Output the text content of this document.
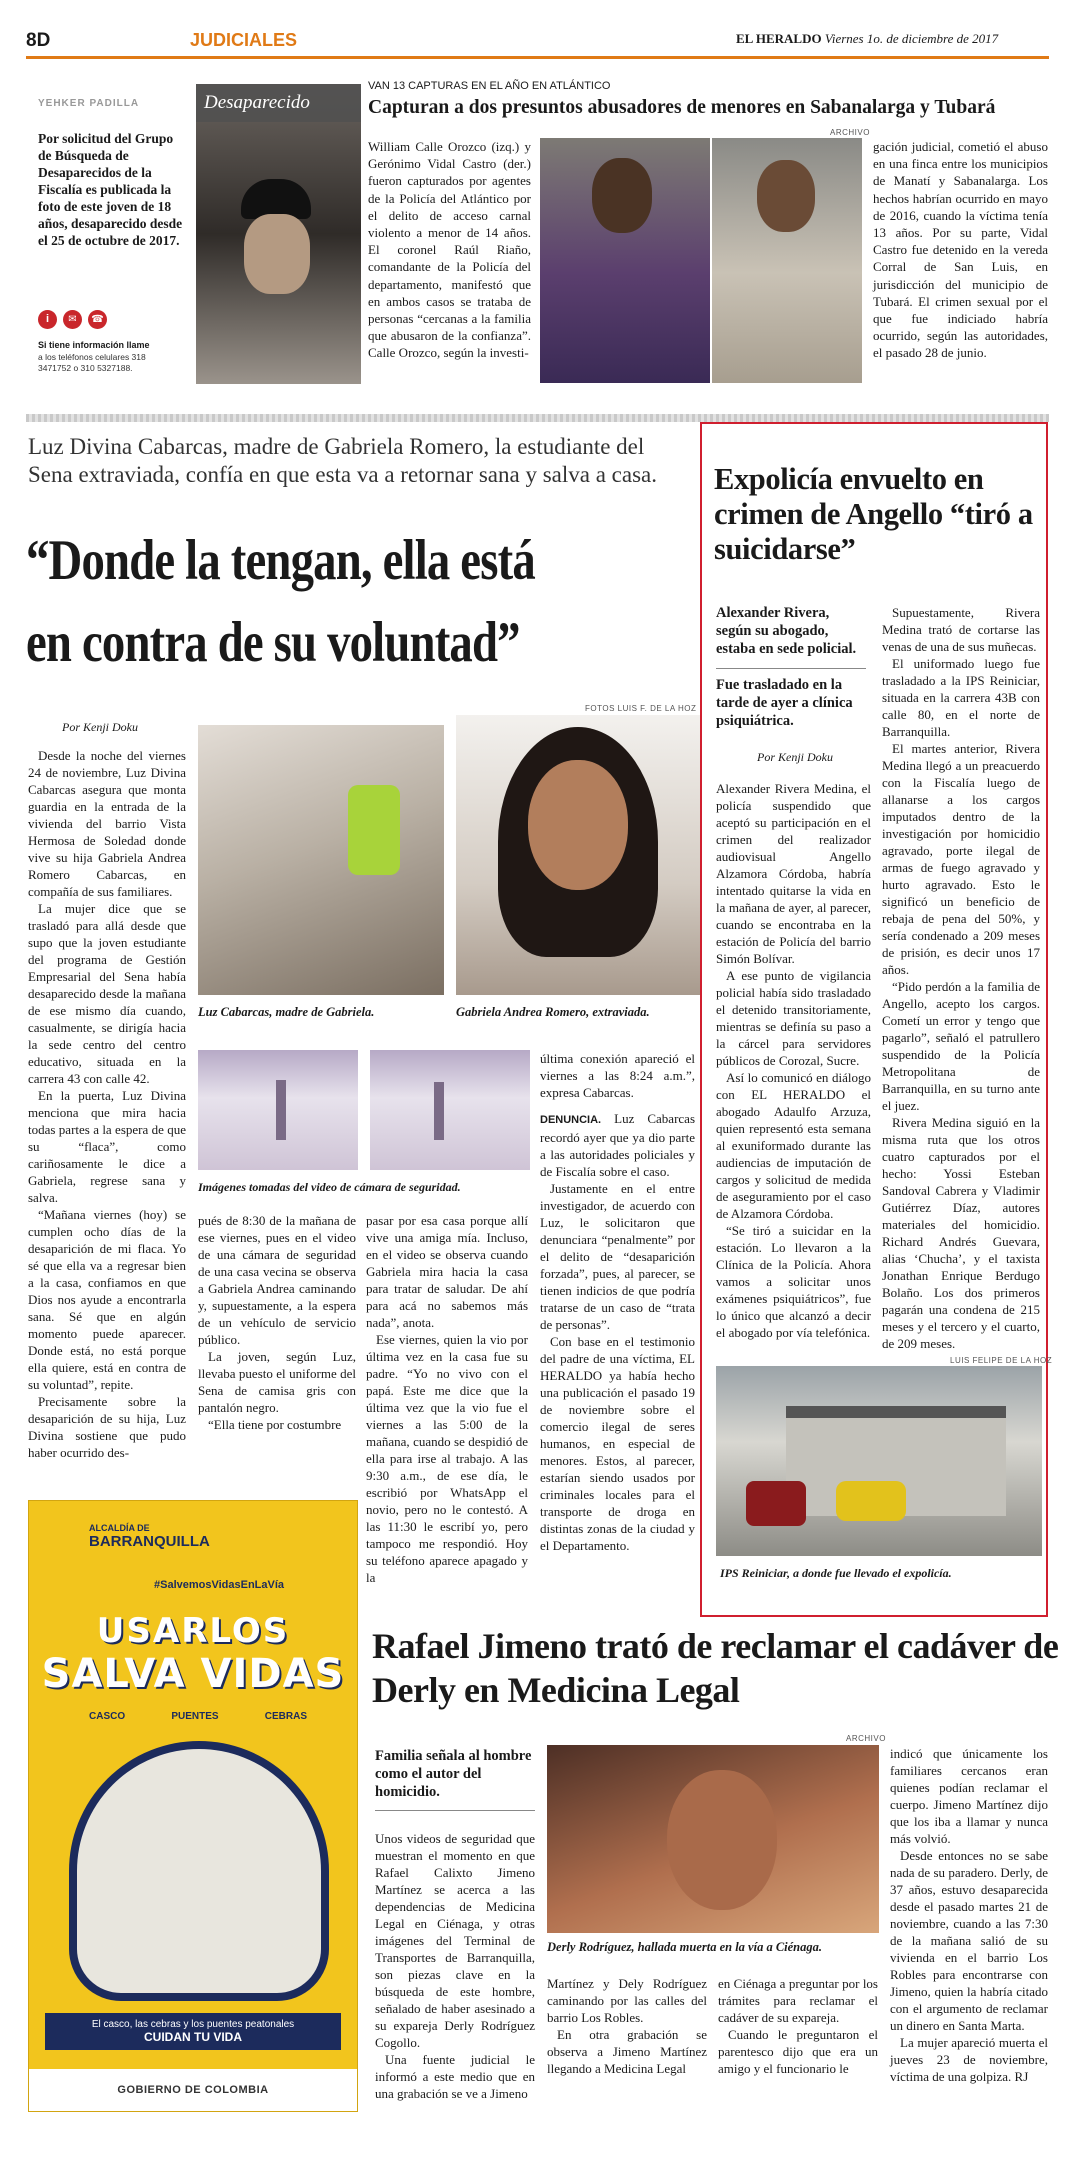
8D	JUDICIALES	EL HERALDO Viernes 1o. de diciembre de 2017
YEHKER PADILLA
Por solicitud del Grupo de Búsqueda de Desaparecidos de la Fiscalía es publicada la foto de este joven de 18 años, desaparecido desde el 25 de octubre de 2017.
i	✉	☎
Si tiene información llame
a los teléfonos celulares 318 3471752 o 310 5327188.
Desaparecido
VAN 13 CAPTURAS EN EL AÑO EN ATLÁNTICO
Capturan a dos presuntos abusadores de menores en Sabanalarga y Tubará
ARCHIVO
William Calle Orozco (izq.) y Gerónimo Vidal Castro (der.) fueron capturados por agentes de la Policía del Atlántico por el delito de acceso carnal violento a menor de 14 años. El coronel Raúl Riaño, comandante de la Policía del departamento, manifestó que en ambos casos se trataba de personas “cercanas a la familia que abusaron de la confianza”. Calle Orozco, según la investi-
gación judicial, cometió el abuso en una finca entre los municipios de Manatí y Sabanalarga. Los hechos habrían ocurrido en mayo de 2016, cuando la víctima tenía 13 años. Por su parte, Vidal Castro fue detenido en la vereda Corral de San Luis, en jurisdicción del municipio de Tubará. El crimen sexual por el que fue indiciado habría ocurrido, según las autoridades, el pasado 28 de junio.
Luz Divina Cabarcas, madre de Gabriela Romero, la estudiante del Sena extraviada, confía en que esta va a retornar sana y salva a casa.
“Donde la tengan, ella está
en contra de su voluntad”
Por Kenji Doku
FOTOS LUIS F. DE LA HOZ

Desde la noche del viernes 24 de noviembre, Luz Divina Cabarcas asegura que monta guardia en la entrada de la vivienda del barrio Vista Hermosa de Soledad donde vive su hija Gabriela Andrea Romero Cabarcas, en compañía de sus familiares.

La mujer dice que se trasladó para allá desde que supo que la joven estudiante del programa de Gestión Empresarial del Sena había desaparecido desde la mañana de ese mismo día cuando, casualmente, se dirigía hacia la sede centro del centro educativo, situada en la carrera 43 con calle 42.

En la puerta, Luz Divina menciona que mira hacia todas partes a la espera de que su “flaca”, como cariñosamente le dice a Gabriela, regrese sana y salva.

“Mañana viernes (hoy) se cumplen ocho días de la desaparición de mi flaca. Yo sé que ella va a regresar bien a la casa, confiamos en que Dios nos ayude a encontrarla sana. Sé que en algún momento puede aparecer. Donde está, no está porque ella quiere, está en contra de su voluntad”, repite.

Precisamente sobre la desaparición de su hija, Luz Divina sostiene que pudo haber ocurrido des-

Luz Cabarcas, madre de Gabriela.	Gabriela Andrea Romero, extraviada.
Imágenes tomadas del video de cámara de seguridad.
última conexión apareció el viernes a las 8:24 a.m.”, expresa Cabarcas.

DENUNCIA. Luz Cabarcas recordó ayer que ya dio parte a las autoridades policiales y de Fiscalía sobre el caso.

Justamente en el entre investigador, de acuerdo con Luz, le solicitaron que denunciara “penalmente” por el delito de “desaparición forzada”, pues, al parecer, se tienen indicios de que podría tratarse de un caso de “trata de personas”.

Con base en el testimonio del padre de una víctima, EL HERALDO ya había hecho una publicación el pasado 19 de noviembre sobre el comercio ilegal de seres humanos, en especial de menores. Estos, al parecer, estarían siendo usados por criminales locales para el transporte de droga en distintas zonas de la ciudad y el Departamento.

pués de 8:30 de la mañana de ese viernes, pues en el video de una cámara de seguridad de una casa vecina se observa a Gabriela Andrea caminando y, supuestamente, a la espera de un vehículo de servicio público.

La joven, según Luz, llevaba puesto el uniforme del Sena de camisa gris con pantalón negro.

“Ella tiene por costumbre

pasar por esa casa porque allí vive una amiga mía. Incluso, en el video se observa cuando Gabriela mira hacia la casa para tratar de saludar. De ahí para acá no sabemos más nada”, anota.

Ese viernes, quien la vio por última vez en la casa fue su padre. “Yo no vivo con el papá. Este me dice que la última vez que la vio fue el viernes a las 5:00 de la mañana, cuando se despidió de ella para irse al trabajo. A las 9:30 a.m., de ese día, le escribió por WhatsApp el novio, pero no le contestó. A las 11:30 le escribí yo, pero tampoco me respondió. Hoy su teléfono aparece apagado y la

Expolicía envuelto en crimen de Angello “tiró a suicidarse”
Alexander Rivera, según su abogado, estaba en sede policial.
Fue trasladado en la tarde de ayer a clínica psiquiátrica.
Por Kenji Doku

Alexander Rivera Medina, el policía suspendido que aceptó su participación en el crimen del realizador audiovisual Angello Alzamora Córdoba, habría intentado quitarse la vida en la mañana de ayer, al parecer, cuando se encontraba en la estación de Policía del barrio Simón Bolívar.

A ese punto de vigilancia policial había sido trasladado el detenido transitoriamente, mientras se definía su paso a la cárcel para servidores públicos de Corozal, Sucre.

Así lo comunicó en diálogo con EL HERALDO el abogado Adaulfo Arzuza, quien representó esta semana al exuniformado durante las audiencias de imputación de cargos y solicitud de medida de aseguramiento por el caso de Alzamora Córdoba.

“Se tiró a suicidar en la estación. Lo llevaron a la Clínica de la Policía. Ahora vamos a solicitar unos exámenes psiquiátricos”, fue lo único que alcanzó a decir el abogado por vía telefónica.

Supuestamente, Rivera Medina trató de cortarse las venas de una de sus muñecas.

El uniformado luego fue trasladado a la IPS Reiniciar, situada en la carrera 43B con calle 80, en el norte de Barranquilla.

El martes anterior, Rivera Medina llegó a un preacuerdo con la Fiscalía luego de allanarse a los cargos imputados dentro de la investigación por homicidio agravado, porte ilegal de armas de fuego agravado y hurto agravado. Esto le significó un beneficio de rebaja de pena del 50%, y sería condenado a 209 meses de prisión, es decir unos 17 años.

“Pido perdón a la familia de Angello, acepto los cargos. Cometí un error y tengo que pagarlo”, señaló el patrullero suspendido de la Policía Metropolitana de Barranquilla, en su turno ante el juez.

Rivera Medina siguió en la misma ruta que los otros cuatro capturados por el hecho: Yossi Esteban Sandoval Cabrera y Vladimir Gutiérrez Díaz, autores materiales del homicidio. Richard Andrés Guevara, alias ‘Chucha’, y el taxista Jonathan Enrique Berdugo Bolaño. Los dos primeros pagarán una condena de 215 meses y el tercero y el cuarto, de 209 meses.

LUIS FELIPE DE LA HOZ
IPS Reiniciar, a donde fue llevado el expolicía.
ALCALDÍA DE
BARRANQUILLA
#SalvemosVidasEnLaVía
USARLOS
SALVA VIDAS
CASCO	PUENTES	CEBRAS
El casco, las cebras y los puentes peatonales
CUIDAN TU VIDA
GOBIERNO DE COLOMBIA
Rafael Jimeno trató de reclamar el cadáver de Derly en Medicina Legal
Familia señala al hombre como el autor del homicidio.
ARCHIVO
Derly Rodríguez, hallada muerta en la vía a Ciénaga.

Unos videos de seguridad que muestran el momento en que Rafael Calixto Jimeno Martínez se acerca a las dependencias de Medicina Legal en Ciénaga, y otras imágenes del Terminal de Transportes de Barranquilla, son piezas clave en la búsqueda de este hombre, señalado de haber asesinado a su expareja Derly Rodríguez Cogollo.

Una fuente judicial le informó a este medio que en una grabación se ve a Jimeno

Martínez y Dely Rodríguez caminando por las calles del barrio Los Robles.

En otra grabación se observa a Jimeno Martínez llegando a Medicina Legal

en Ciénaga a preguntar por los trámites para reclamar el cadáver de su expareja.

Cuando le preguntaron el parentesco dijo que era un amigo y el funcionario le

indicó que únicamente los familiares cercanos eran quienes podían reclamar el cuerpo. Jimeno Martínez dijo que los iba a llamar y nunca más volvió.

Desde entonces no se sabe nada de su paradero. Derly, de 37 años, estuvo desaparecida desde el pasado martes 21 de noviembre, cuando a las 7:30 de la mañana salió de su vivienda en el barrio Los Robles para encontrarse con Jimeno, quien la habría citado con el argumento de reclamar un dinero en Santa Marta.

La mujer apareció muerta el jueves 23 de noviembre, víctima de una golpiza. RJ
